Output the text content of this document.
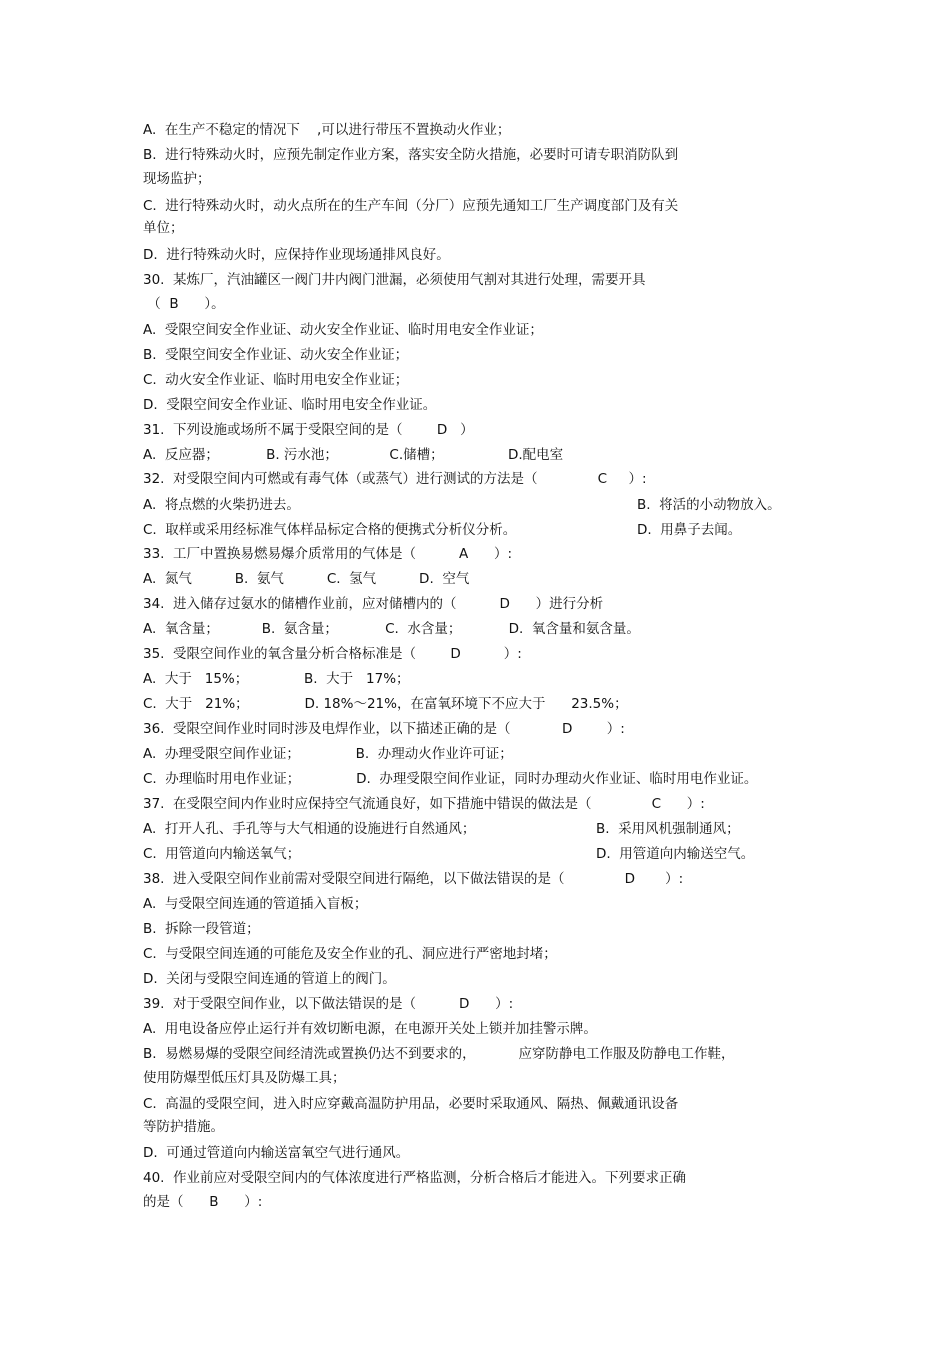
A.  在生产不稳定的情况下    ,可以进行带压不置换动火作业；
B.  进行特殊动火时，应预先制定作业方案，落实安全防火措施，必要时可请专职消防队到
现场监护；
C.  进行特殊动火时，动火点所在的生产车间（分厂）应预先通知工厂生产调度部门及有关
单位；
D.  进行特殊动火时，应保持作业现场通排风良好。
30.  某炼厂，汽油罐区一阀门井内阀门泄漏，必须使用气割对其进行处理，需要开具
（  B      ）。
A.  受限空间安全作业证、动火安全作业证、临时用电安全作业证；
B.  受限空间安全作业证、动火安全作业证；
C.  动火安全作业证、临时用电安全作业证；
D.  受限空间安全作业证、临时用电安全作业证。
31.  下列设施或场所不属于受限空间的是（        D   ）
A.  反应器；           B. 污水池；            C.储槽；               D.配电室
32.  对受限空间内可燃或有毒气体（或蒸气）进行测试的方法是（              C     ）:
A.  将点燃的火柴扔进去。	B.  将活的小动物放入。
C.  取样或采用经标准气体样品标定合格的便携式分析仪分析。	D.  用鼻子去闻。
33.  工厂中置换易燃易爆介质常用的气体是（          A      ）:
A.  氮气          B.  氨气          C.  氢气          D.  空气
34.  进入储存过氨水的储槽作业前，应对储槽内的（          D      ）进行分析
A.  氧含量；          B.  氨含量；           C.  水含量；           D.  氧含量和氨含量。
35.  受限空间作业的氧含量分析合格标准是（        D          ）:
A.  大于   15%；             B.  大于   17%；
C.  大于   21%；             D. 18%～21%，在富氧环境下不应大于      23.5%；
36.  受限空间作业时同时涉及电焊作业，以下描述正确的是（            D        ）:
A.  办理受限空间作业证；             B.  办理动火作业许可证；
C.  办理临时用电作业证；             D.  办理受限空间作业证，同时办理动火作业证、临时用电作业证。
37.  在受限空间内作业时应保持空气流通良好，如下措施中错误的做法是（              C      ）:
A.  打开人孔、手孔等与大气相通的设施进行自然通风；	B.  采用风机强制通风；
C.  用管道向内输送氧气；	D.  用管道向内输送空气。
38.  进入受限空间作业前需对受限空间进行隔绝，以下做法错误的是（              D       ）:
A.  与受限空间连通的管道插入盲板；
B.  拆除一段管道；
C.  与受限空间连通的可能危及安全作业的孔、洞应进行严密地封堵；
D.  关闭与受限空间连通的管道上的阀门。
39.  对于受限空间作业，以下做法错误的是（          D      ）:
A.  用电设备应停止运行并有效切断电源，在电源开关处上锁并加挂警示牌。
B.  易燃易爆的受限空间经清洗或置换仍达不到要求的，          应穿防静电工作服及防静电工作鞋，
使用防爆型低压灯具及防爆工具；
C.  高温的受限空间，进入时应穿戴高温防护用品，必要时采取通风、隔热、佩戴通讯设备
等防护措施。
D.  可通过管道向内输送富氧空气进行通风。
40.  作业前应对受限空间内的气体浓度进行严格监测，分析合格后才能进入。下列要求正确
的是（      B      ）:
